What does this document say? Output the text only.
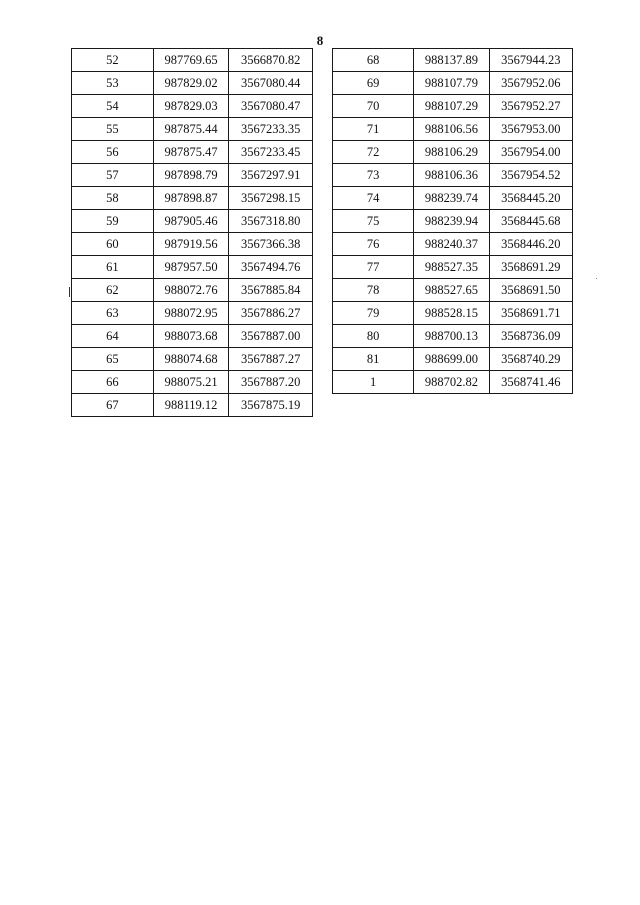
8
52	987769.65	3566870.82
53	987829.02	3567080.44
54	987829.03	3567080.47
55	987875.44	3567233.35
56	987875.47	3567233.45
57	987898.79	3567297.91
58	987898.87	3567298.15
59	987905.46	3567318.80
60	987919.56	3567366.38
61	987957.50	3567494.76
62	988072.76	3567885.84
63	988072.95	3567886.27
64	988073.68	3567887.00
65	988074.68	3567887.27
66	988075.21	3567887.20
67	988119.12	3567875.19
68	988137.89	3567944.23
69	988107.79	3567952.06
70	988107.29	3567952.27
71	988106.56	3567953.00
72	988106.29	3567954.00
73	988106.36	3567954.52
74	988239.74	3568445.20
75	988239.94	3568445.68
76	988240.37	3568446.20
77	988527.35	3568691.29
78	988527.65	3568691.50
79	988528.15	3568691.71
80	988700.13	3568736.09
81	988699.00	3568740.29
1	988702.82	3568741.46
